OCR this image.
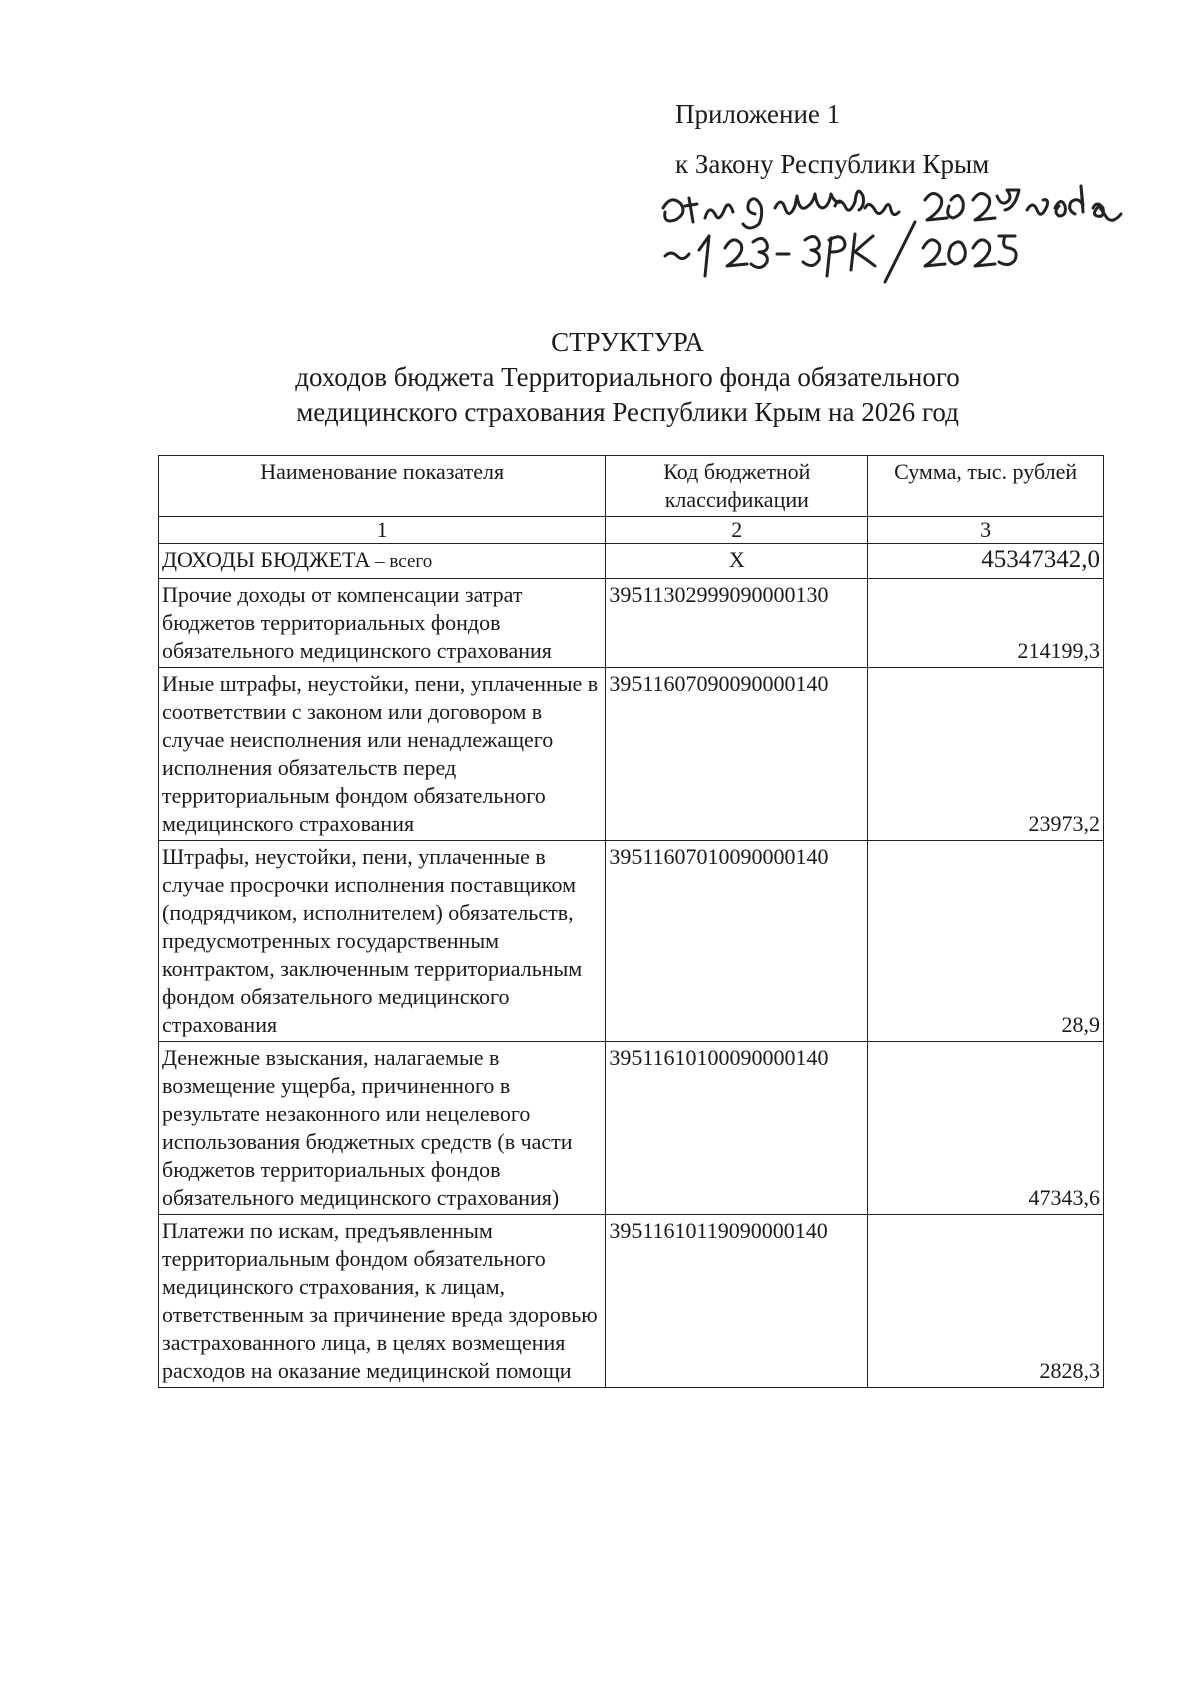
Приложение 1

к Закону Республики Крым

СТРУКТУРА
доходов бюджета Территориального фонда обязательного
медицинского страхования Республики Крым на 2026 год
Наименование показателя	Код бюджетной классификации	Сумма, тыс. рублей
1	2	3
ДОХОДЫ БЮДЖЕТА – всего	Х	45347342,0
Прочие доходы от компенсации затрат бюджетов территориальных фондов обязательного медицинского страхования	39511302999090000130	214199,3
Иные штрафы, неустойки, пени, уплаченные в соответствии с законом или договором в случае неисполнения или ненадлежащего исполнения обязательств перед территориальным фондом обязательного медицинского страхования	39511607090090000140	23973,2
Штрафы, неустойки, пени, уплаченные в случае просрочки исполнения поставщиком (подрядчиком, исполнителем) обязательств, предусмотренных государственным контрактом, заключенным территориальным фондом обязательного медицинского страхования	39511607010090000140	28,9
Денежные взыскания, налагаемые в возмещение ущерба, причиненного в результате незаконного или нецелевого использования бюджетных средств (в части бюджетов территориальных фондов обязательного медицинского страхования)	39511610100090000140	47343,6
Платежи по искам, предъявленным территориальным фондом обязательного медицинского страхования, к лицам, ответственным за причинение вреда здоровью застрахованного лица, в целях возмещения расходов на оказание медицинской помощи	39511610119090000140	2828,3
